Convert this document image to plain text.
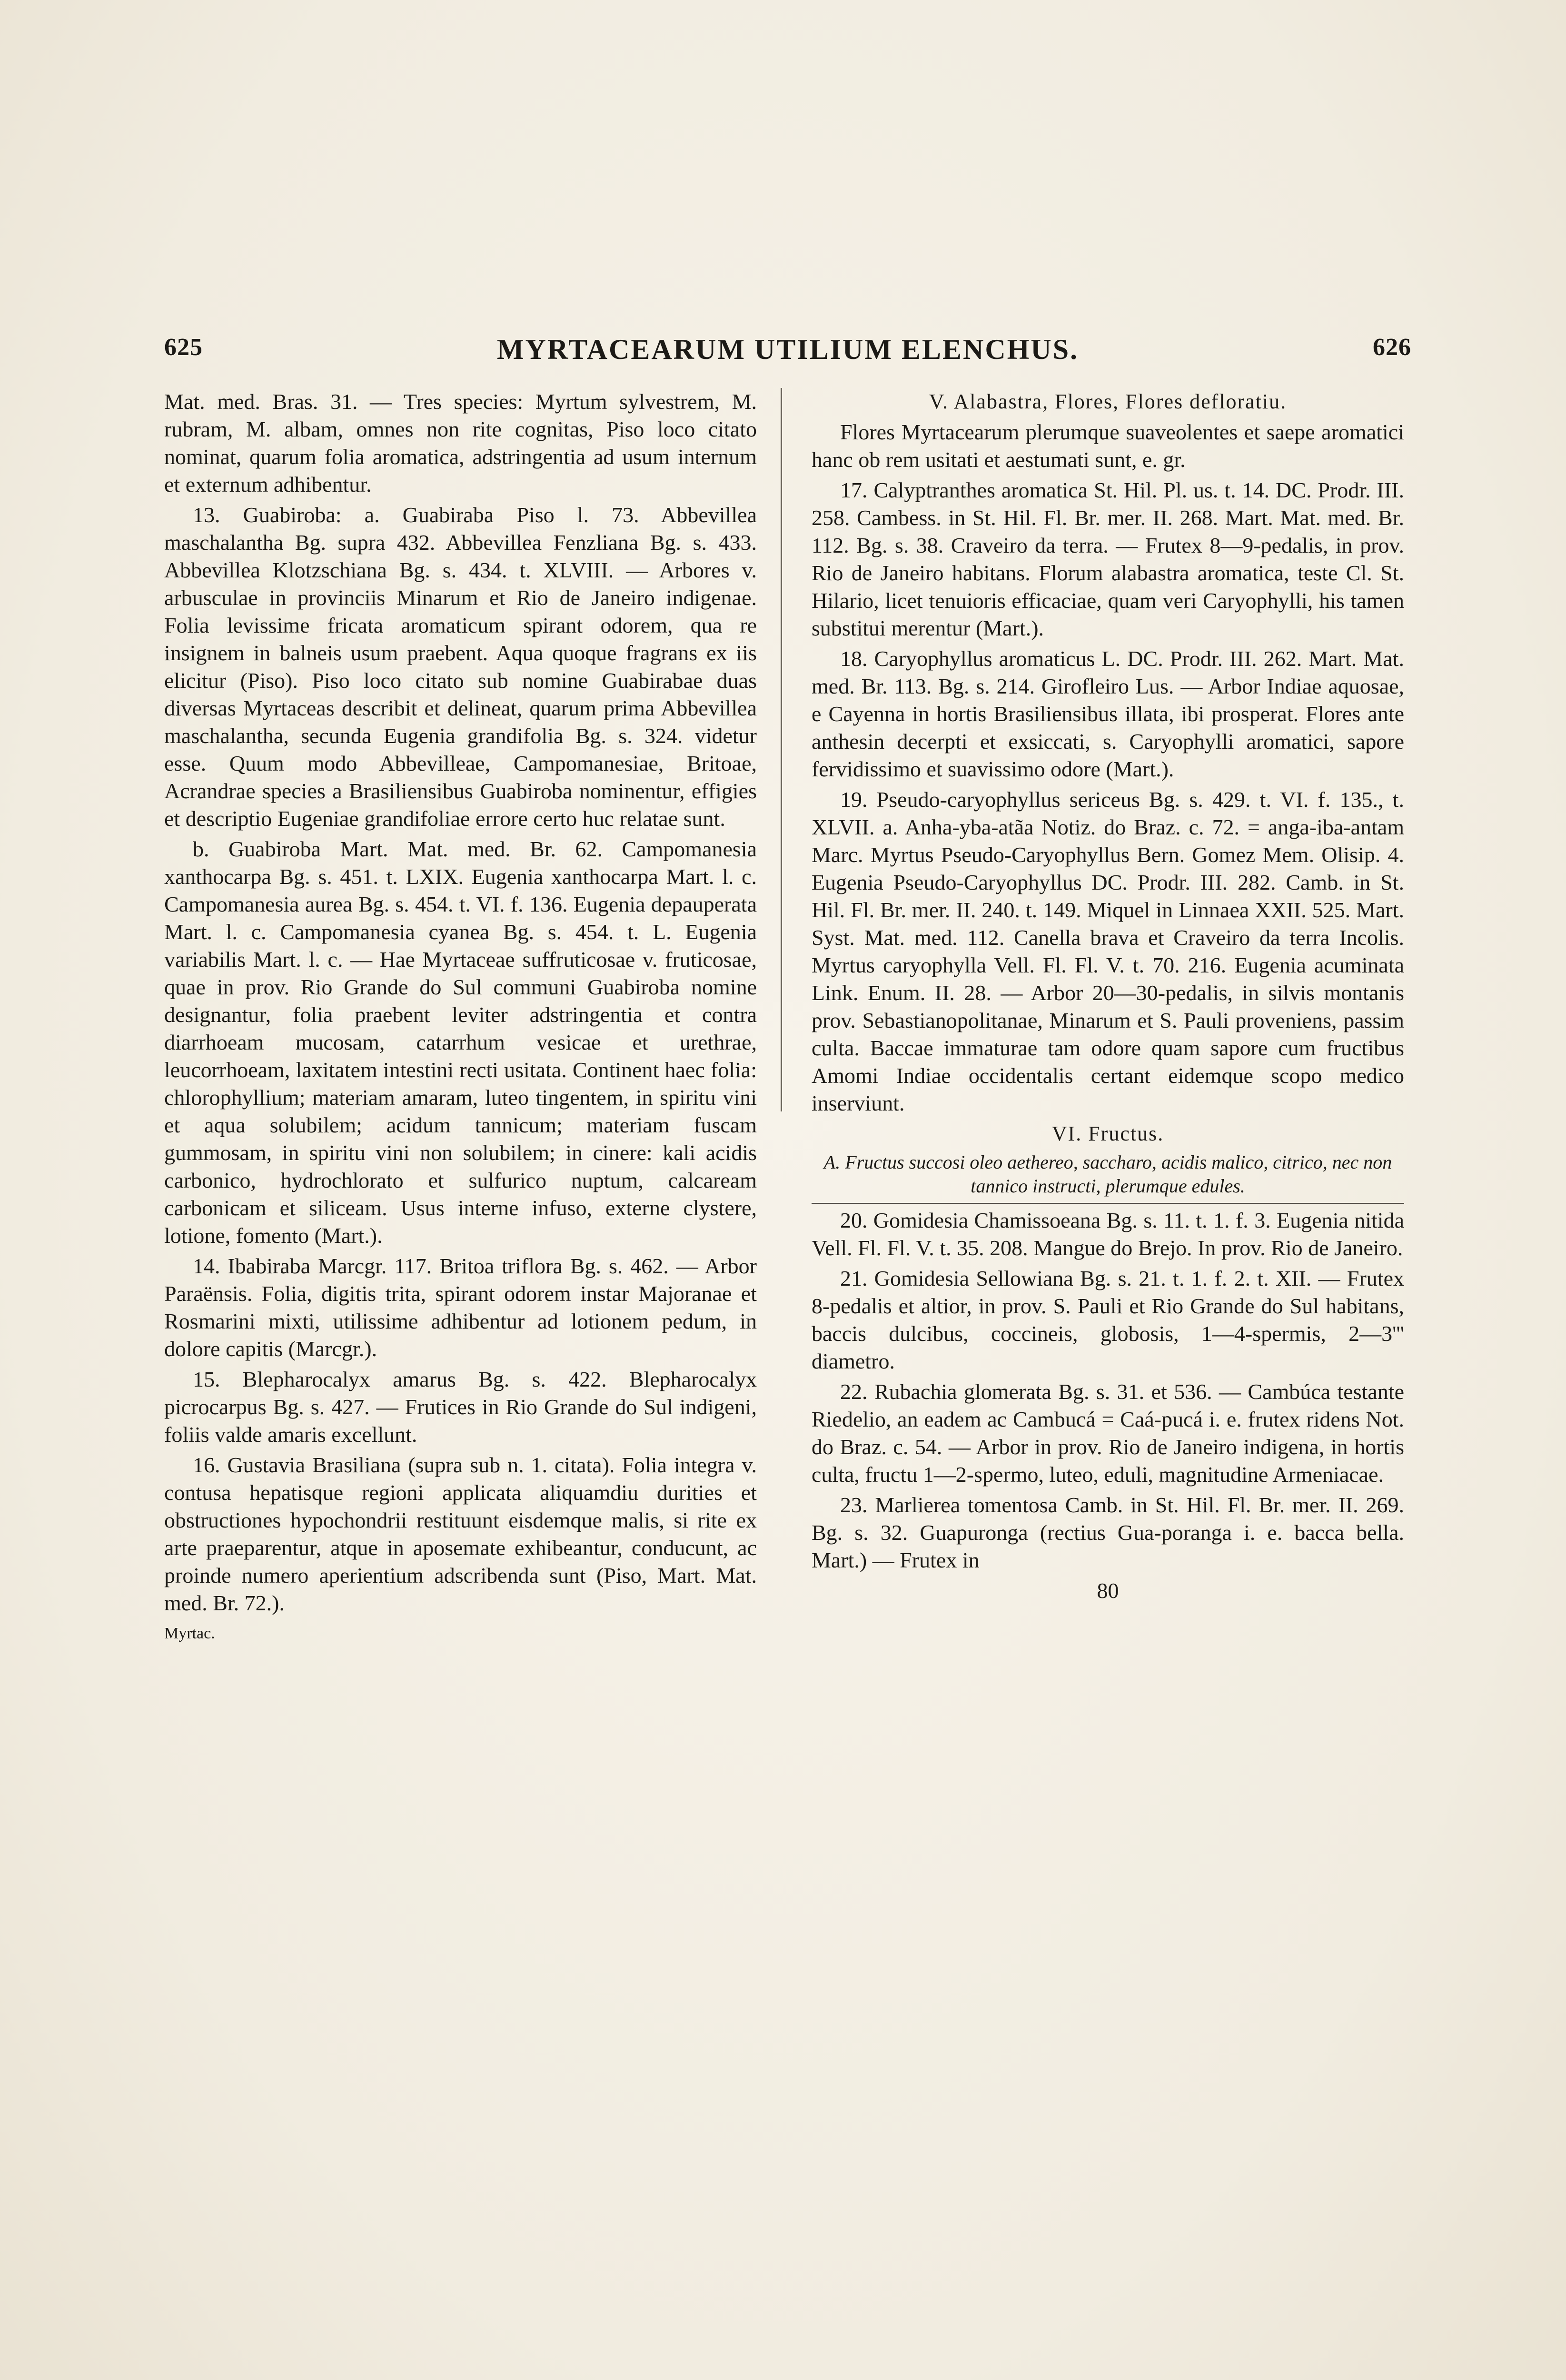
625	MYRTACEARUM UTILIUM ELENCHUS.	626

Mat. med. Bras. 31. — Tres species: Myrtum sylvestrem, M. rubram, M. albam, omnes non rite cognitas, Piso loco citato nominat, quarum folia aromatica, adstringentia ad usum internum et externum adhibentur.

13. Guabiroba: a. Guabiraba Piso l. 73. Abbevillea maschalantha Bg. supra 432. Abbevillea Fenzliana Bg. s. 433. Abbevillea Klotzschiana Bg. s. 434. t. XLVIII. — Arbores v. arbusculae in provinciis Minarum et Rio de Janeiro indigenae. Folia levissime fricata aromaticum spirant odorem, qua re insignem in balneis usum praebent. Aqua quoque fragrans ex iis elicitur (Piso). Piso loco citato sub nomine Guabirabae duas diversas Myrtaceas describit et delineat, quarum prima Abbevillea maschalantha, secunda Eugenia grandifolia Bg. s. 324. videtur esse. Quum modo Abbevilleae, Campomanesiae, Britoae, Acrandrae species a Brasiliensibus Guabiroba nominentur, effigies et descriptio Eugeniae grandifoliae errore certo huc relatae sunt.

b. Guabiroba Mart. Mat. med. Br. 62. Campomanesia xanthocarpa Bg. s. 451. t. LXIX. Eugenia xanthocarpa Mart. l. c. Campomanesia aurea Bg. s. 454. t. VI. f. 136. Eugenia depauperata Mart. l. c. Campomanesia cyanea Bg. s. 454. t. L. Eugenia variabilis Mart. l. c. — Hae Myrtaceae suffruticosae v. fruticosae, quae in prov. Rio Grande do Sul communi Guabiroba nomine designantur, folia praebent leviter adstringentia et contra diarrhoeam mucosam, catarrhum vesicae et urethrae, leucorrhoeam, laxitatem intestini recti usitata. Continent haec folia: chlorophyllium; materiam amaram, luteo tingentem, in spiritu vini et aqua solubilem; acidum tannicum; materiam fuscam gummosam, in spiritu vini non solubilem; in cinere: kali acidis carbonico, hydrochlorato et sulfurico nuptum, calcaream carbonicam et siliceam. Usus interne infuso, externe clystere, lotione, fomento (Mart.).

14. Ibabiraba Marcgr. 117. Britoa triflora Bg. s. 462. — Arbor Paraënsis. Folia, digitis trita, spirant odorem instar Majoranae et Rosmarini mixti, utilissime adhibentur ad lotionem pedum, in dolore capitis (Marcgr.).

15. Blepharocalyx amarus Bg. s. 422. Blepharocalyx picrocarpus Bg. s. 427. — Frutices in Rio Grande do Sul indigeni, foliis valde amaris excellunt.

16. Gustavia Brasiliana (supra sub n. 1. citata). Folia integra v. contusa hepatisque regioni applicata aliquamdiu durities et obstructiones hypochondrii restituunt eisdemque malis, si rite ex arte praeparentur, atque in aposemate exhibeantur, conducunt, ac proinde numero aperientium adscribenda sunt (Piso, Mart. Mat. med. Br. 72.).

Myrtac.

V. Alabastra, Flores, Flores defloratiu.

Flores Myrtacearum plerumque suaveolentes et saepe aromatici hanc ob rem usitati et aestumati sunt, e. gr.

17. Calyptranthes aromatica St. Hil. Pl. us. t. 14. DC. Prodr. III. 258. Cambess. in St. Hil. Fl. Br. mer. II. 268. Mart. Mat. med. Br. 112. Bg. s. 38. Craveiro da terra. — Frutex 8—9-pedalis, in prov. Rio de Janeiro habitans. Florum alabastra aromatica, teste Cl. St. Hilario, licet tenuioris efficaciae, quam veri Caryophylli, his tamen substitui merentur (Mart.).

18. Caryophyllus aromaticus L. DC. Prodr. III. 262. Mart. Mat. med. Br. 113. Bg. s. 214. Girofleiro Lus. — Arbor Indiae aquosae, e Cayenna in hortis Brasiliensibus illata, ibi prosperat. Flores ante anthesin decerpti et exsiccati, s. Caryophylli aromatici, sapore fervidissimo et suavissimo odore (Mart.).

19. Pseudo-caryophyllus sericeus Bg. s. 429. t. VI. f. 135., t. XLVII. a. Anha-yba-atãa Notiz. do Braz. c. 72. = anga-iba-antam Marc. Myrtus Pseudo-Caryophyllus Bern. Gomez Mem. Olisip. 4. Eugenia Pseudo-Caryophyllus DC. Prodr. III. 282. Camb. in St. Hil. Fl. Br. mer. II. 240. t. 149. Miquel in Linnaea XXII. 525. Mart. Syst. Mat. med. 112. Canella brava et Craveiro da terra Incolis. Myrtus caryophylla Vell. Fl. Fl. V. t. 70. 216. Eugenia acuminata Link. Enum. II. 28. — Arbor 20—30-pedalis, in silvis montanis prov. Sebastianopolitanae, Minarum et S. Pauli proveniens, passim culta. Baccae immaturae tam odore quam sapore cum fructibus Amomi Indiae occidentalis certant eidemque scopo medico inserviunt.

VI. Fructus.

A. Fructus succosi oleo aethereo, saccharo, acidis malico, citrico, nec non tannico instructi, plerumque edules.

20. Gomidesia Chamissoeana Bg. s. 11. t. 1. f. 3. Eugenia nitida Vell. Fl. Fl. V. t. 35. 208. Mangue do Brejo. In prov. Rio de Janeiro.

21. Gomidesia Sellowiana Bg. s. 21. t. 1. f. 2. t. XII. — Frutex 8-pedalis et altior, in prov. S. Pauli et Rio Grande do Sul habitans, baccis dulcibus, coccineis, globosis, 1—4-spermis, 2—3''' diametro.

22. Rubachia glomerata Bg. s. 31. et 536. — Cambúca testante Riedelio, an eadem ac Cambucá = Caá-pucá i. e. frutex ridens Not. do Braz. c. 54. — Arbor in prov. Rio de Janeiro indigena, in hortis culta, fructu 1—2-spermo, luteo, eduli, magnitudine Armeniacae.

23. Marlierea tomentosa Camb. in St. Hil. Fl. Br. mer. II. 269. Bg. s. 32. Guapuronga (rectius Gua-poranga i. e. bacca bella. Mart.) — Frutex in

80
